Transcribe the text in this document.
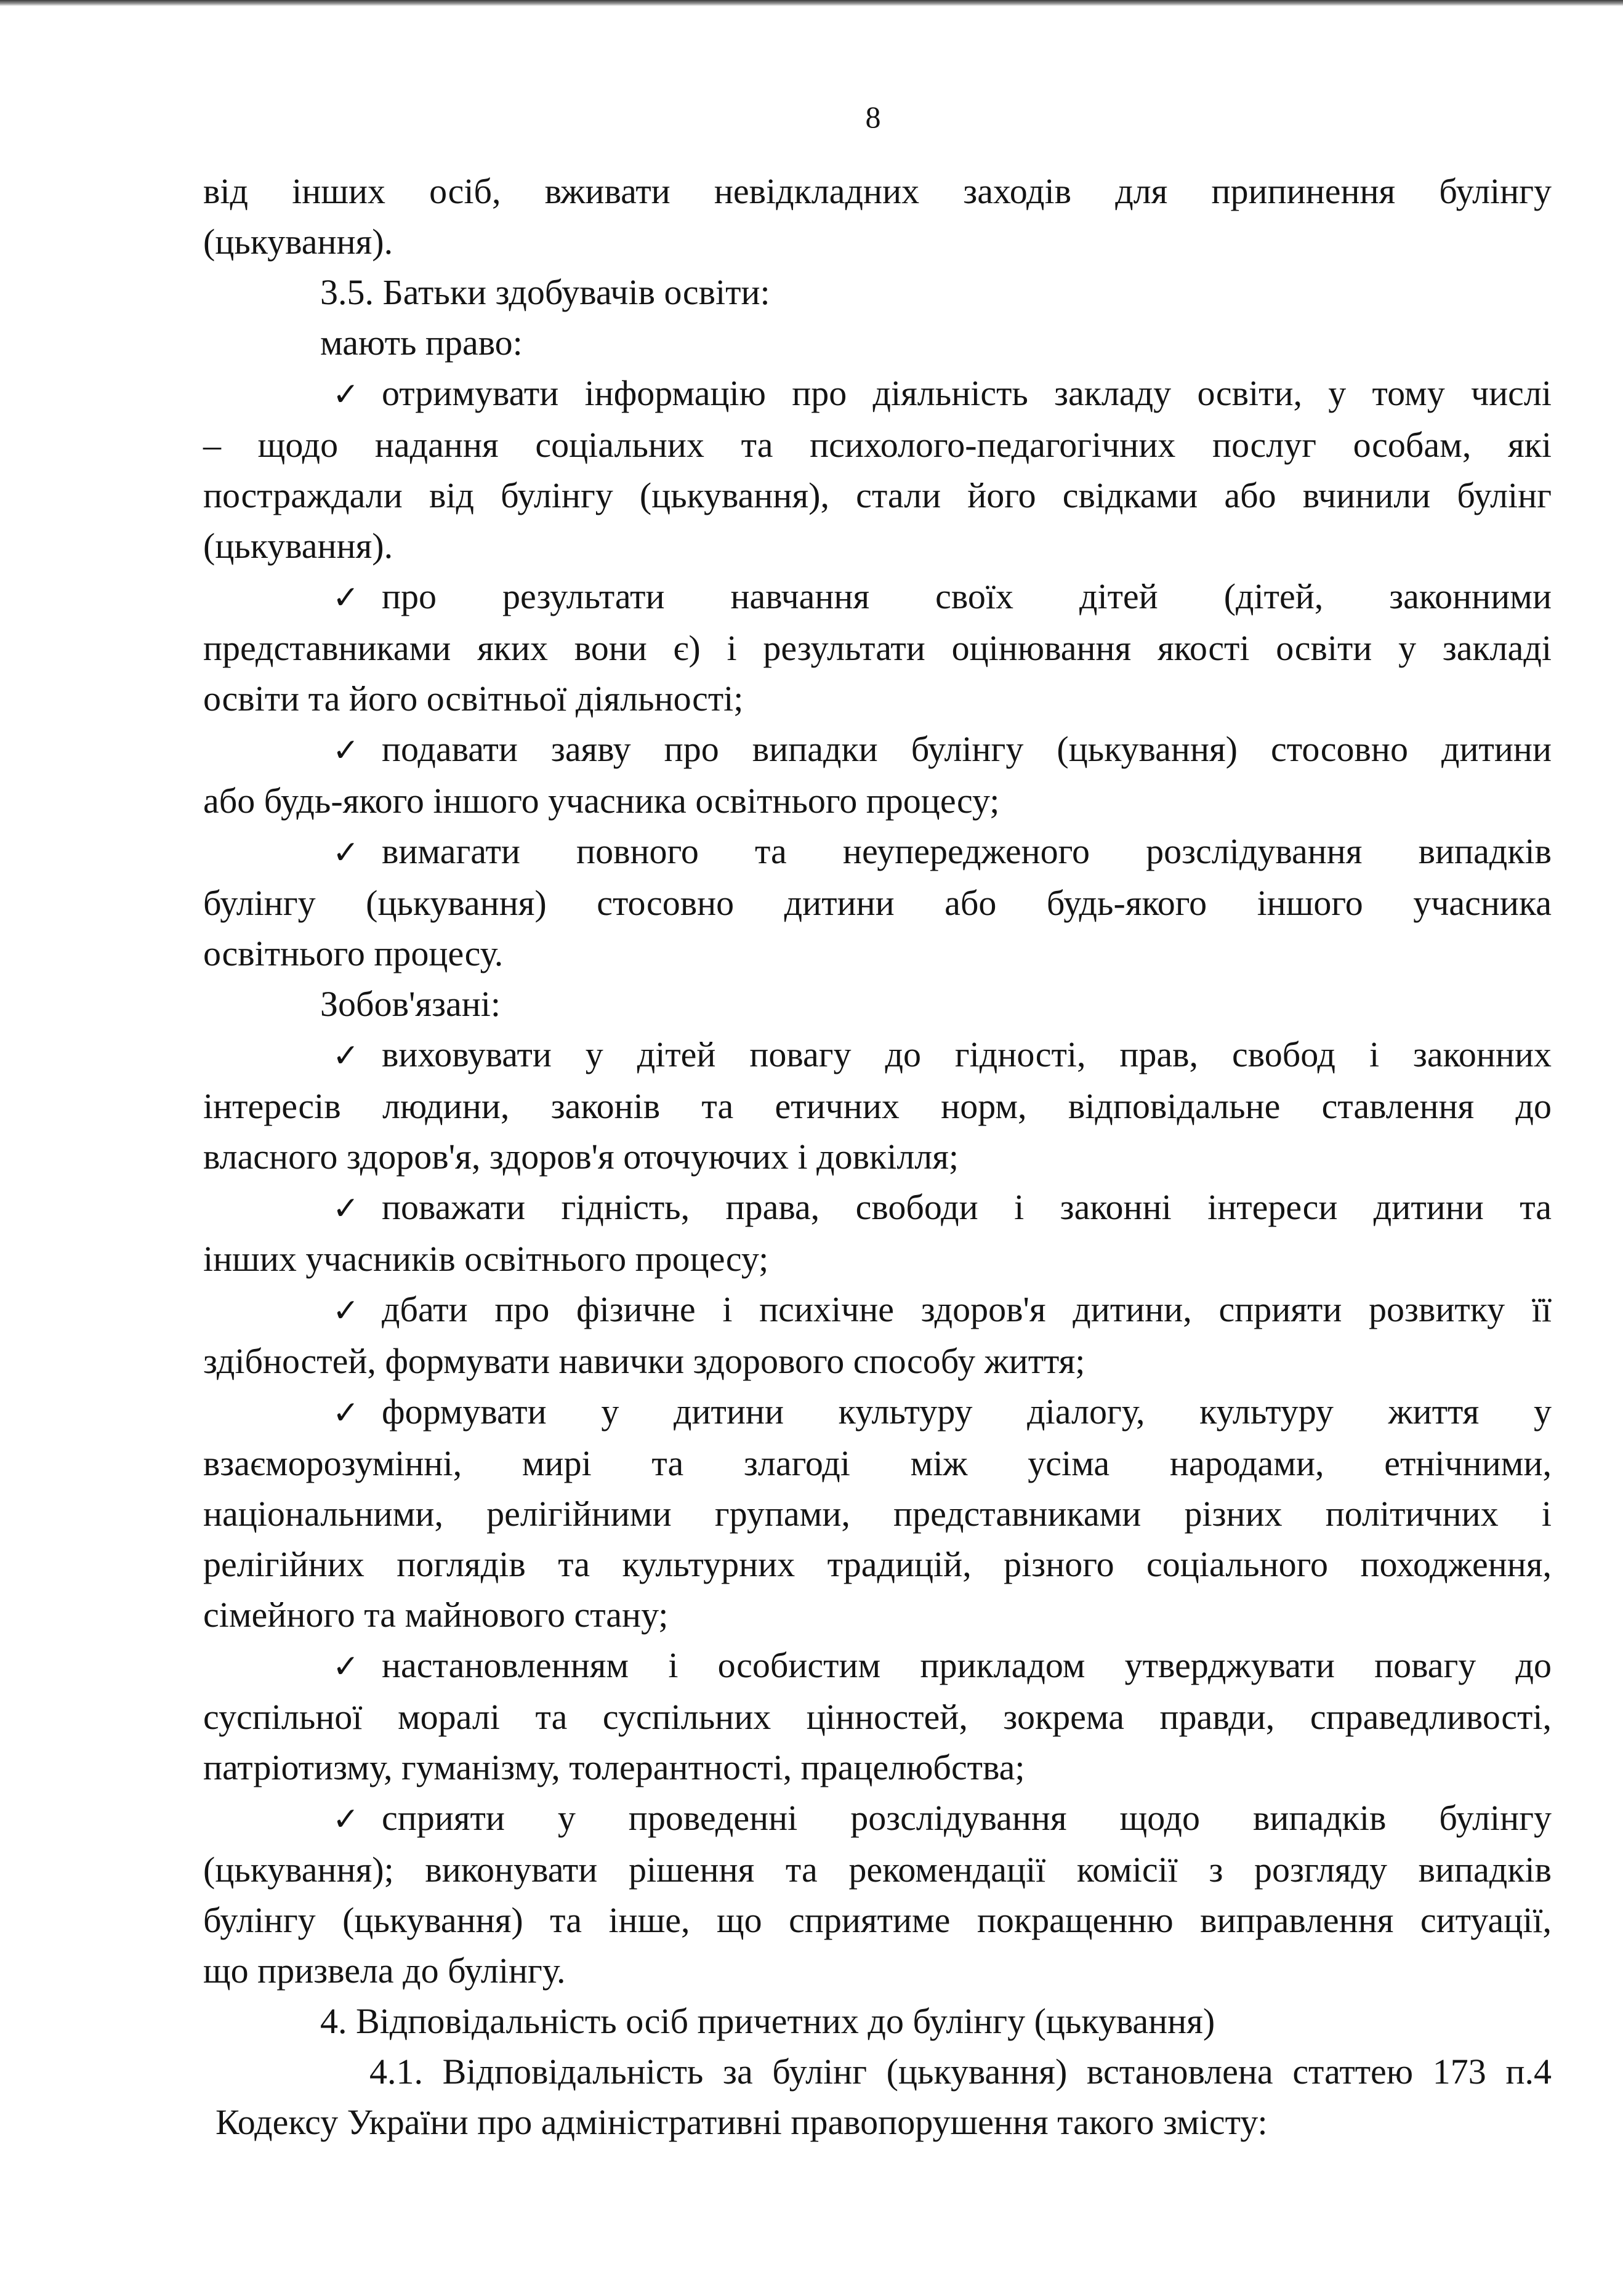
8
від інших осіб, вживати невідкладних заходів для припинення булінгу
(цькування).
3.5. Батьки здобувачів освіти:
мають право:
✓ отримувати інформацію про діяльність закладу освіти, у тому числі
– щодо надання соціальних та психолого-педагогічних послуг особам, які
постраждали від булінгу (цькування), стали його свідками або вчинили булінг
(цькування).
✓ про результати навчання своїх дітей (дітей, законними
представниками яких вони є) і результати оцінювання якості освіти у закладі
освіти та його освітньої діяльності;
✓ подавати заяву про випадки булінгу (цькування) стосовно дитини
або будь-якого іншого учасника освітнього процесу;
✓ вимагати повного та неупередженого розслідування випадків
булінгу (цькування) стосовно дитини або будь-якого іншого учасника
освітнього процесу.
Зобов'язані:
✓ виховувати у дітей повагу до гідності, прав, свобод і законних
інтересів людини, законів та етичних норм, відповідальне ставлення до
власного здоров'я, здоров'я оточуючих і довкілля;
✓ поважати гідність, права, свободи і законні інтереси дитини та
інших учасників освітнього процесу;
✓ дбати про фізичне і психічне здоров'я дитини, сприяти розвитку її
здібностей, формувати навички здорового способу життя;
✓ формувати у дитини культуру діалогу, культуру життя у
взаєморозумінні, мирі та злагоді між усіма народами, етнічними,
національними, релігійними групами, представниками різних політичних і
релігійних поглядів та культурних традицій, різного соціального походження,
сімейного та майнового стану;
✓ настановленням і особистим прикладом утверджувати повагу до
суспільної моралі та суспільних цінностей, зокрема правди, справедливості,
патріотизму, гуманізму, толерантності, працелюбства;
✓ сприяти у проведенні розслідування щодо випадків булінгу
(цькування); виконувати рішення та рекомендації комісії з розгляду випадків
булінгу (цькування) та інше, що сприятиме покращенню виправлення ситуації,
що призвела до булінгу.
4. Відповідальність осіб причетних до булінгу (цькування)
4.1. Відповідальність за булінг (цькування) встановлена статтею 173 п.4
Кодексу України про адміністративні правопорушення такого змісту:
